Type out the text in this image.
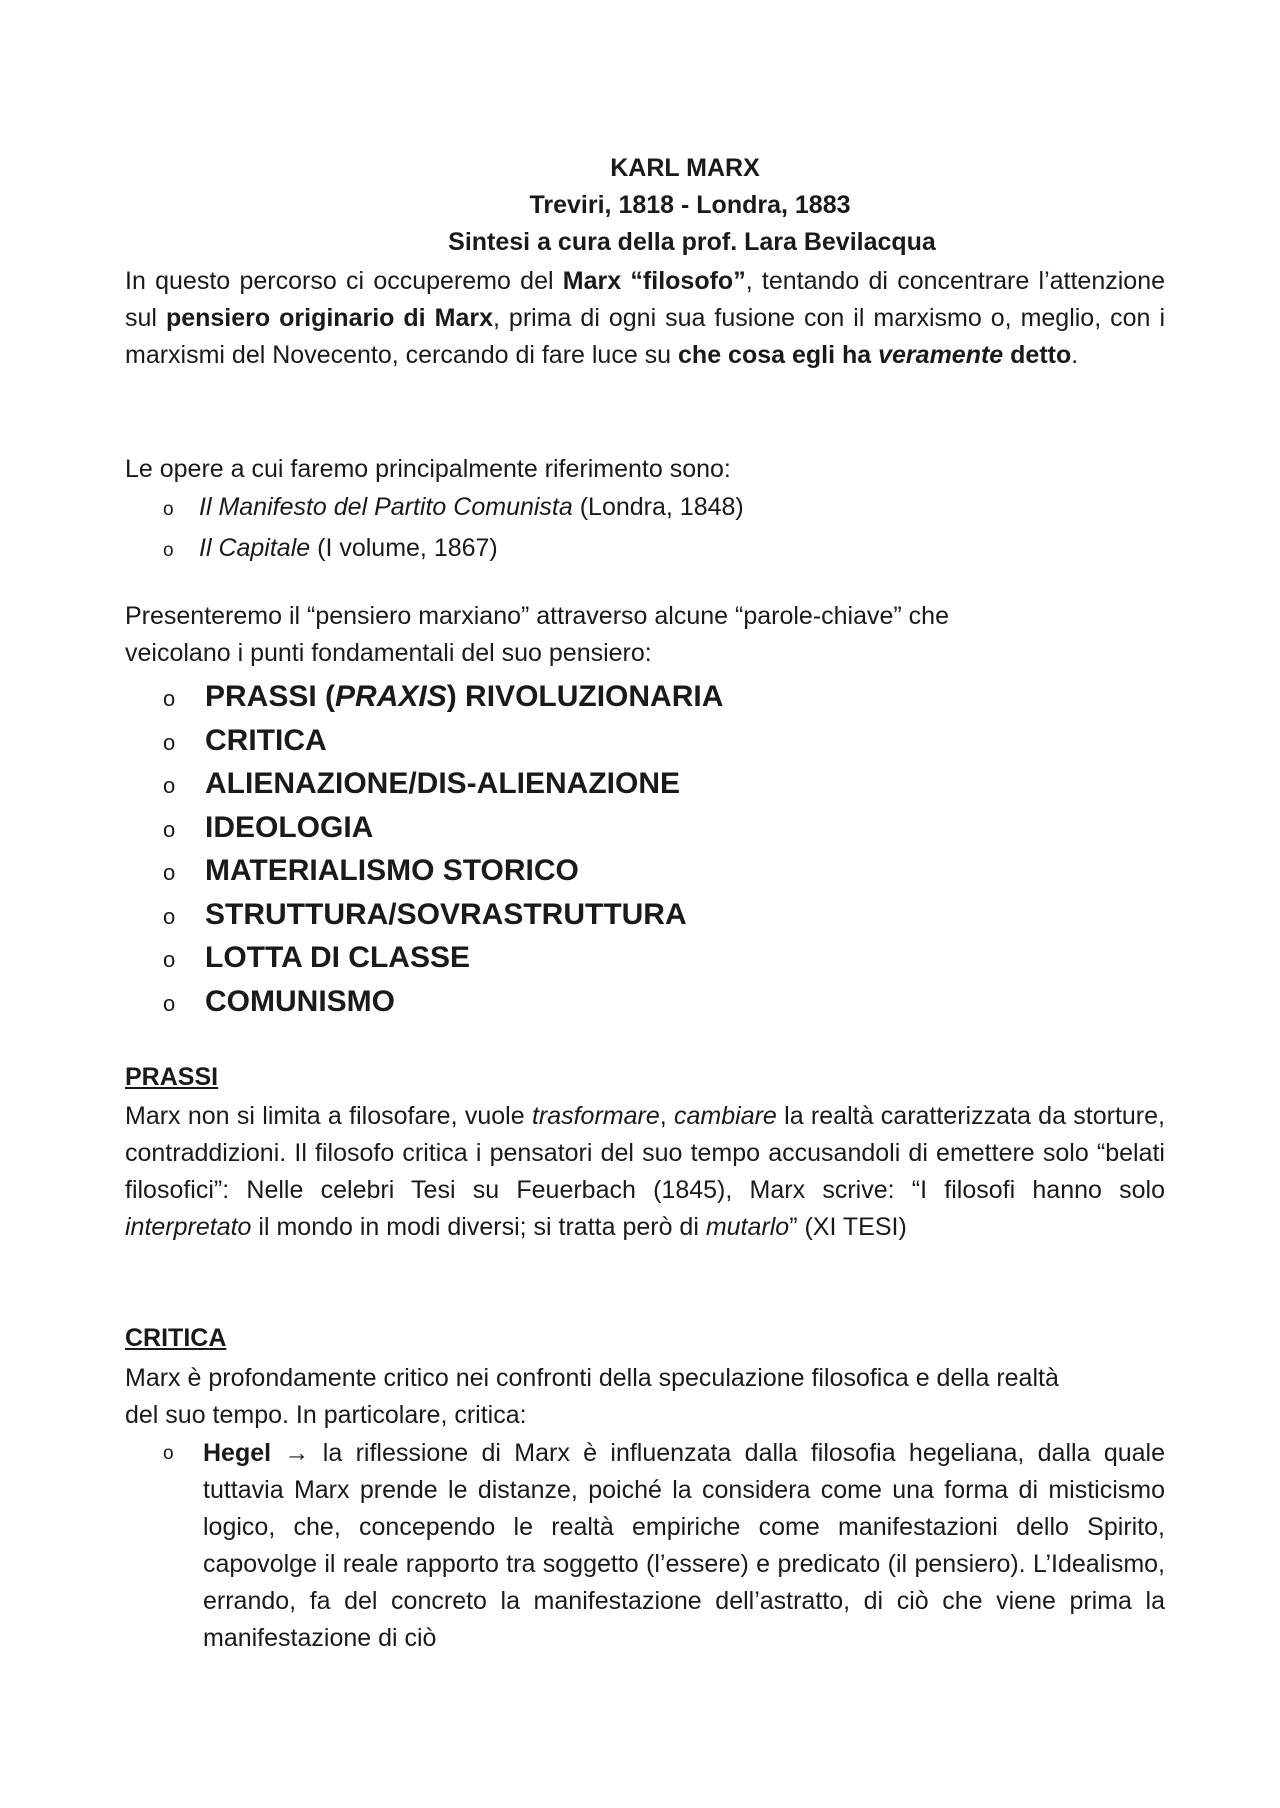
KARL MARX
Treviri, 1818 - Londra, 1883
Sintesi a cura della prof. Lara Bevilacqua
In questo percorso ci occuperemo del Marx “filosofo”, tentando di concentrare l’attenzione sul pensiero originario di Marx, prima di ogni sua fusione con il marxismo o, meglio, con i marxismi del Novecento, cercando di fare luce su che cosa egli ha veramente detto.
Le opere a cui faremo principalmente riferimento sono:
o	Il Manifesto del Partito Comunista (Londra, 1848)
o	Il Capitale (I volume, 1867)
Presenteremo il “pensiero marxiano” attraverso alcune “parole-chiave” che veicolano i punti fondamentali del suo pensiero:
o PRASSI (PRAXIS) RIVOLUZIONARIA
o CRITICA
o ALIENAZIONE/DIS-ALIENAZIONE
o IDEOLOGIA
o MATERIALISMO STORICO
o STRUTTURA/SOVRASTRUTTURA
o LOTTA DI CLASSE
o COMUNISMO
PRASSI
Marx non si limita a filosofare, vuole trasformare, cambiare la realtà caratterizzata da storture, contraddizioni. Il filosofo critica i pensatori del suo tempo accusandoli di emettere solo “belati filosofici”: Nelle celebri Tesi su Feuerbach (1845), Marx scrive: “I filosofi hanno solo interpretato il mondo in modi diversi; si tratta però di mutarlo” (XI TESI)
CRITICA
Marx è profondamente critico nei confronti della speculazione filosofica e della realtà del suo tempo. In particolare, critica:
o	Hegel → la riflessione di Marx è influenzata dalla filosofia hegeliana, dalla quale tuttavia Marx prende le distanze, poiché la considera come una forma di misticismo logico, che, concependo le realtà empiriche come manifestazioni dello Spirito, capovolge il reale rapporto tra soggetto (l’essere) e predicato (il pensiero). L’Idealismo, errando, fa del concreto la manifestazione dell’astratto, di ciò che viene prima la manifestazione di ciò
